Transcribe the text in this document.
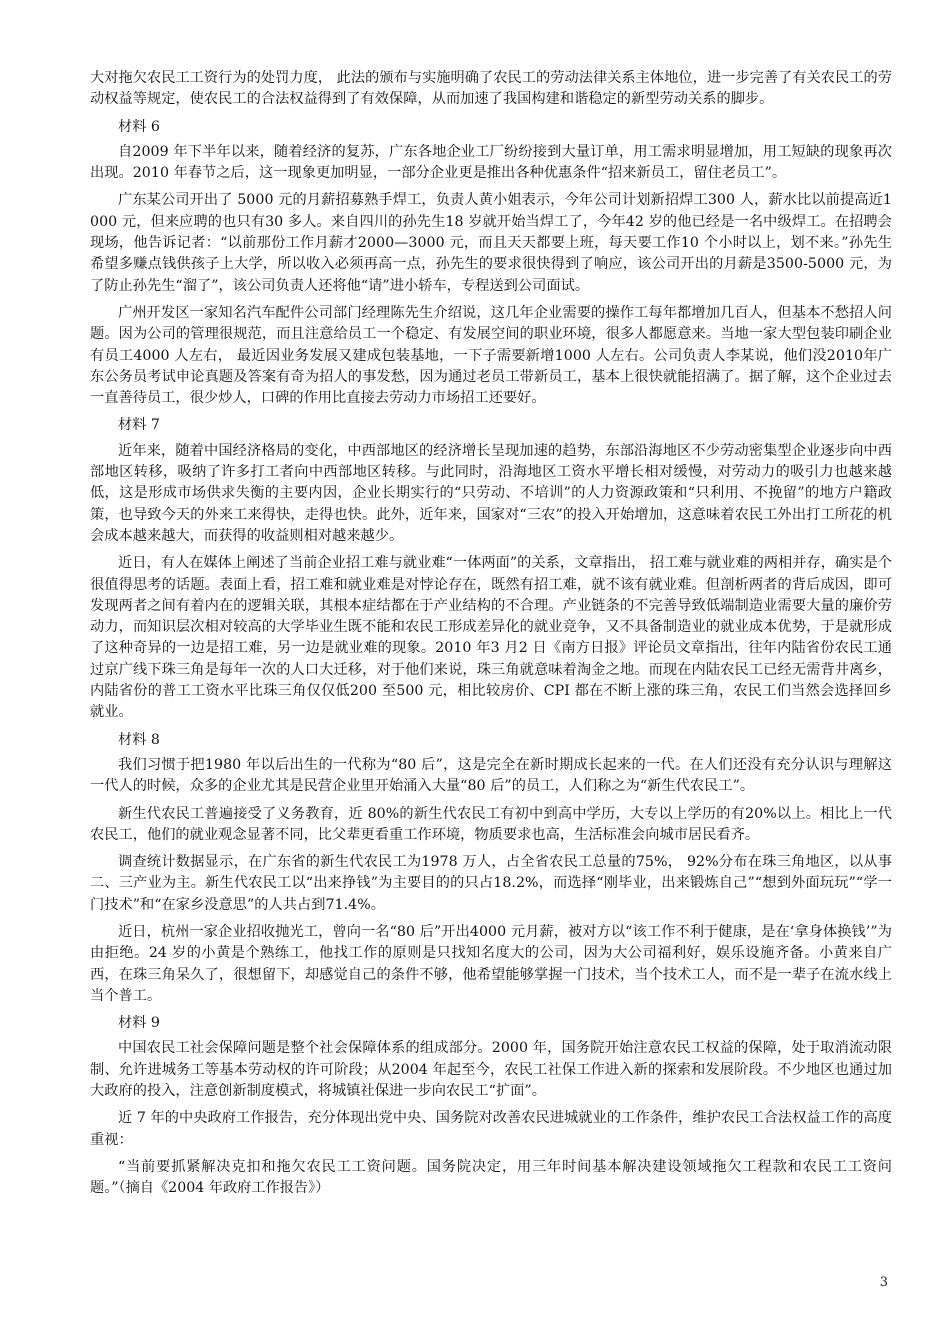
大对拖欠农民工工资行为的处罚力度， 此法的颁布与实施明确了农民工的劳动法律关系主体地位，进一步完善了有关农民工的劳动权益等规定，使农民工的合法权益得到了有效保障，从而加速了我国构建和谐稳定的新型劳动关系的脚步。

材料 6

自2009 年下半年以来，随着经济的复苏，广东各地企业工厂纷纷接到大量订单，用工需求明显增加，用工短缺的现象再次出现。2010 年春节之后，这一现象更加明显，一部分企业更是推出各种优惠条件“招来新员工，留住老员工”。

广东某公司开出了 5000 元的月薪招募熟手焊工，负责人黄小姐表示，今年公司计划新招焊工300 人，薪水比以前提高近1000 元，但来应聘的也只有30 多人。来自四川的孙先生18 岁就开始当焊工了，今年42 岁的他已经是一名中级焊工。在招聘会现场，他告诉记者：“以前那份工作月薪才2000—3000 元，而且天天都要上班，每天要工作10 个小时以上，划不来。”孙先生希望多赚点钱供孩子上大学，所以收入必须再高一点，孙先生的要求很快得到了响应，该公司开出的月薪是3500-5000 元，为了防止孙先生“溜了”，该公司负责人还将他“请”进小轿车，专程送到公司面试。

广州开发区一家知名汽车配件公司部门经理陈先生介绍说，这几年企业需要的操作工每年都增加几百人，但基本不愁招人问题。因为公司的管理很规范，而且注意给员工一个稳定、有发展空间的职业环境，很多人都愿意来。当地一家大型包装印刷企业有员工4000 人左右， 最近因业务发展又建成包装基地，一下子需要新增1000 人左右。公司负责人李某说，他们没2010年广东公务员考试申论真题及答案有奇为招人的事发愁，因为通过老员工带新员工，基本上很快就能招满了。据了解，这个企业过去一直善待员工，很少炒人，口碑的作用比直接去劳动力市场招工还要好。

材料 7

近年来，随着中国经济格局的变化，中西部地区的经济增长呈现加速的趋势，东部沿海地区不少劳动密集型企业逐步向中西部地区转移，吸纳了许多打工者向中西部地区转移。与此同时，沿海地区工资水平增长相对缓慢，对劳动力的吸引力也越来越低，这是形成市场供求失衡的主要内因，企业长期实行的“只劳动、不培训”的人力资源政策和“只利用、不挽留”的地方户籍政策，也导致今天的外来工来得快，走得也快。此外，近年来，国家对“三农”的投入开始增加，这意味着农民工外出打工所花的机会成本越来越大，而获得的收益则相对越来越少。

近日，有人在媒体上阐述了当前企业招工难与就业难“一体两面”的关系，文章指出， 招工难与就业难的两相并存，确实是个很值得思考的话题。表面上看，招工难和就业难是对悖论存在，既然有招工难，就不该有就业难。但剖析两者的背后成因，即可发现两者之间有着内在的逻辑关联，其根本症结都在于产业结构的不合理。产业链条的不完善导致低端制造业需要大量的廉价劳动力，而知识层次相对较高的大学毕业生既不能和农民工形成差异化的就业竞争，又不具备制造业的就业成本优势，于是就形成了这种奇异的一边是招工难，另一边是就业难的现象。2010 年3 月2 日《南方日报》评论员文章指出，往年内陆省份农民工通过京广线下珠三角是每年一次的人口大迁移，对于他们来说，珠三角就意味着淘金之地。而现在内陆农民工已经无需背井离乡，内陆省份的普工工资水平比珠三角仅仅低200 至500 元，相比较房价、CPI 都在不断上涨的珠三角，农民工们当然会选择回乡就业。

材料 8

我们习惯于把1980 年以后出生的一代称为“80 后”，这是完全在新时期成长起来的一代。在人们还没有充分认识与理解这一代人的时候，众多的企业尤其是民营企业里开始涌入大量“80 后”的员工，人们称之为“新生代农民工”。

新生代农民工普遍接受了义务教育，近 80%的新生代农民工有初中到高中学历，大专以上学历的有20%以上。相比上一代农民工，他们的就业观念显著不同，比父辈更看重工作环境，物质要求也高，生活标准会向城市居民看齐。

调查统计数据显示，在广东省的新生代农民工为1978 万人，占全省农民工总量的75%， 92%分布在珠三角地区，以从事二、三产业为主。新生代农民工以“出来挣钱”为主要目的的只占18.2%，而选择“刚毕业，出来锻炼自己”“想到外面玩玩”“学一门技术”和“在家乡没意思”的人共占到71.4%。

近日，杭州一家企业招收抛光工，曾向一名“80 后”开出4000 元月薪，被对方以“该工作不利于健康，是在‘拿身体换钱’”为由拒绝。24 岁的小黄是个熟练工，他找工作的原则是只找知名度大的公司，因为大公司福利好，娱乐设施齐备。小黄来自广西，在珠三角呆久了，很想留下，却感觉自己的条件不够，他希望能够掌握一门技术，当个技术工人，而不是一辈子在流水线上当个普工。

材料 9

中国农民工社会保障问题是整个社会保障体系的组成部分。2000 年，国务院开始注意农民工权益的保障，处于取消流动限制、允许进城务工等基本劳动权的许可阶段；从2004 年起至今，农民工社保工作进入新的探索和发展阶段。不少地区也通过加大政府的投入，注意创新制度模式，将城镇社保进一步向农民工“扩面”。

近 7 年的中央政府工作报告，充分体现出党中央、国务院对改善农民进城就业的工作条件，维护农民工合法权益工作的高度重视：

“当前要抓紧解决克扣和拖欠农民工工资问题。国务院决定，用三年时间基本解决建设领域拖欠工程款和农民工工资问题。”（摘自《2004 年政府工作报告》）

3
